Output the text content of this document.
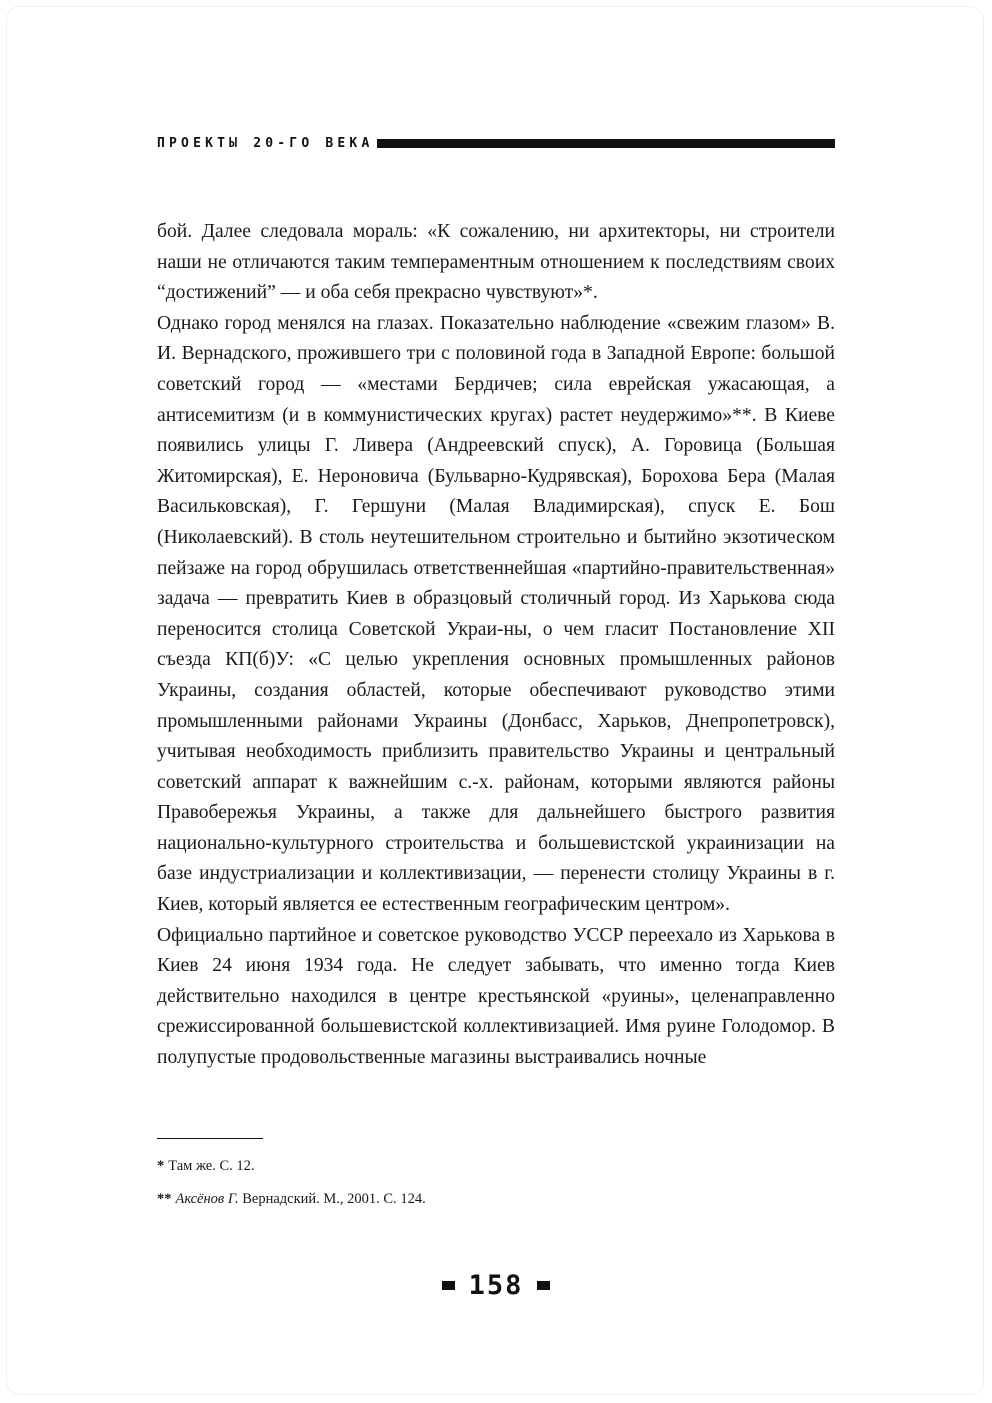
ПРОЕКТЫ 20-ГО ВЕКА

бой. Далее следовала мораль: «К сожалению, ни архитекторы, ни строители наши не отличаются таким темпераментным отношением к последствиям своих “достижений” — и оба себя прекрасно чувствуют»*.

Однако город менялся на глазах. Показательно наблюдение «свежим глазом» В. И. Вернадского, прожившего три с половиной года в Западной Европе: большой советский город — «местами Бердичев; сила еврейская ужасающая, а антисемитизм (и в коммунистических кругах) растет неудержимо»**. В Киеве появились улицы Г. Ливера (Андреевский спуск), А. Горовица (Большая Житомирская), Е. Нероновича (Бульварно-Кудрявская), Борохова Бера (Малая Васильковская), Г. Гершуни (Малая Владимирская), спуск Е. Бош (Николаевский). В столь неутешительном строительно и бытийно экзотическом пейзаже на город обрушилась ответственнейшая «партийно-правительственная» задача — превратить Киев в образцовый столичный город. Из Харькова сюда переносится столица Советской Украи-ны, о чем гласит Постановление XII съезда КП(б)У: «С целью укрепления основных промышленных районов Украины, создания областей, которые обеспечивают руководство этими промышленными районами Украины (Донбасс, Харьков, Днепропетровск), учитывая необходимость приблизить правительство Украины и центральный советский аппарат к важнейшим с.-х. районам, которыми являются районы Правобережья Украины, а также для дальнейшего быстрого развития национально-культурного строительства и большевистской украинизации на базе индустриализации и коллективизации, — перенести столицу Украины в г. Киев, который является ее естественным географическим центром».

Официально партийное и советское руководство УССР переехало из Харькова в Киев 24 июня 1934 года. Не следует забывать, что именно тогда Киев действительно находился в центре крестьянской «руины», целенаправленно срежиссированной большевистской коллективизацией. Имя руине Голодомор. В полупустые продовольственные магазины выстраивались ночные

* Там же. С. 12.

** Аксёнов Г. Вернадский. М., 2001. С. 124.

158
